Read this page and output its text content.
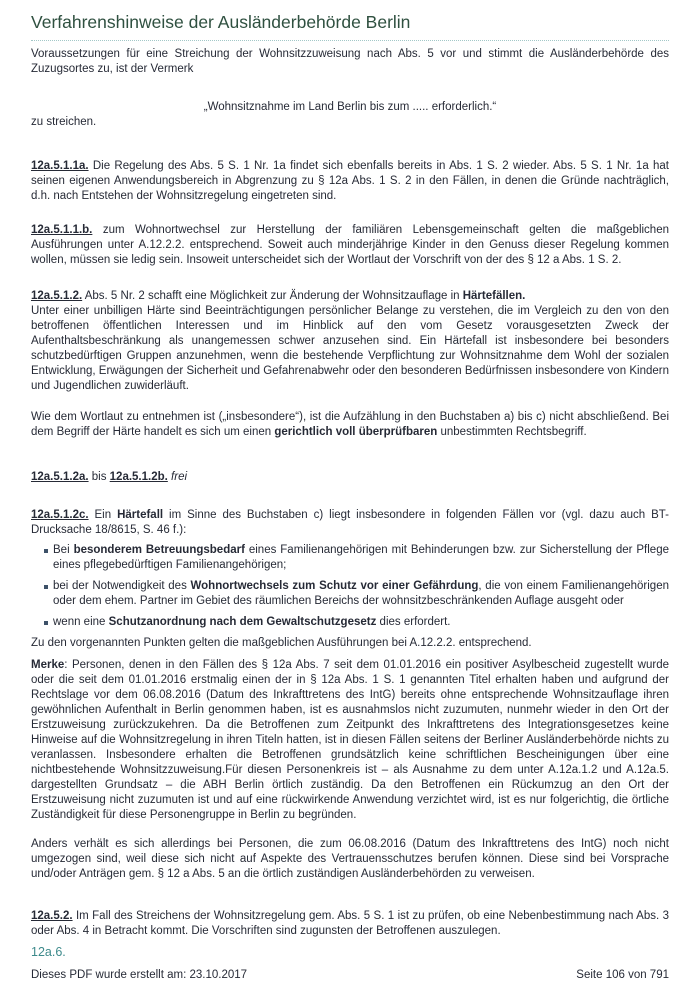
Verfahrenshinweise der Ausländerbehörde Berlin
Voraussetzungen für eine Streichung der Wohnsitzzuweisung nach Abs. 5 vor und stimmt die Ausländerbehörde des Zuzugsortes zu, ist der Vermerk
„Wohnsitznahme im Land Berlin bis zum ..... erforderlich.“
zu streichen.
12a.5.1.1a. Die Regelung des Abs. 5 S. 1 Nr. 1a findet sich ebenfalls bereits in Abs. 1 S. 2 wieder. Abs. 5 S. 1 Nr. 1a hat seinen eigenen Anwendungsbereich in Abgrenzung zu § 12a Abs. 1 S. 2 in den Fällen, in denen die Gründe nachträglich, d.h. nach Entstehen der Wohnsitzregelung eingetreten sind.
12a.5.1.1.b. zum Wohnortwechsel zur Herstellung der familiären Lebensgemeinschaft gelten die maßgeblichen Ausführungen unter A.12.2.2. entsprechend. Soweit auch minderjährige Kinder in den Genuss dieser Regelung kommen wollen, müssen sie ledig sein. Insoweit unterscheidet sich der Wortlaut der Vorschrift von der des § 12 a Abs. 1 S. 2.
12a.5.1.2. Abs. 5 Nr. 2 schafft eine Möglichkeit zur Änderung der Wohnsitzauflage in Härtefällen.
Unter einer unbilligen Härte sind Beeinträchtigungen persönlicher Belange zu verstehen, die im Vergleich zu den von den betroffenen öffentlichen Interessen und im Hinblick auf den vom Gesetz vorausgesetzten Zweck der Aufenthaltsbeschränkung als unangemessen schwer anzusehen sind. Ein Härtefall ist insbesondere bei besonders schutzbedürftigen Gruppen anzunehmen, wenn die bestehende Verpflichtung zur Wohnsitznahme dem Wohl der sozialen Entwicklung, Erwägungen der Sicherheit und Gefahrenabwehr oder den besonderen Bedürfnissen insbesondere von Kindern und Jugendlichen zuwiderläuft.
Wie dem Wortlaut zu entnehmen ist („insbesondere“), ist die Aufzählung in den Buchstaben a) bis c) nicht abschließend. Bei dem Begriff der Härte handelt es sich um einen gerichtlich voll überprüfbaren unbestimmten Rechtsbegriff.
12a.5.1.2a. bis 12a.5.1.2b. frei
12a.5.1.2c. Ein Härtefall im Sinne des Buchstaben c) liegt insbesondere in folgenden Fällen vor (vgl. dazu auch BT-Drucksache 18/8615, S. 46 f.):
Bei besonderem Betreuungsbedarf eines Familienangehörigen mit Behinderungen bzw. zur Sicherstellung der Pflege eines pflegebedürftigen Familienangehörigen;
bei der Notwendigkeit des Wohnortwechsels zum Schutz vor einer Gefährdung, die von einem Familienangehörigen oder dem ehem. Partner im Gebiet des räumlichen Bereichs der wohnsitzbeschränkenden Auflage ausgeht oder
wenn eine Schutzanordnung nach dem Gewaltschutzgesetz dies erfordert.
Zu den vorgenannten Punkten gelten die maßgeblichen Ausführungen bei A.12.2.2. entsprechend.
Merke: Personen, denen in den Fällen des § 12a Abs. 7 seit dem 01.01.2016 ein positiver Asylbescheid zugestellt wurde oder die seit dem 01.01.2016 erstmalig einen der in § 12a Abs. 1 S. 1 genannten Titel erhalten haben und aufgrund der Rechtslage vor dem 06.08.2016 (Datum des Inkrafttretens des IntG) bereits ohne entsprechende Wohnsitzauflage ihren gewöhnlichen Aufenthalt in Berlin genommen haben, ist es ausnahmslos nicht zuzumuten, nunmehr wieder in den Ort der Erstzuweisung zurückzukehren. Da die Betroffenen zum Zeitpunkt des Inkrafttretens des Integrationsgesetzes keine Hinweise auf die Wohnsitzregelung in ihren Titeln hatten, ist in diesen Fällen seitens der Berliner Ausländerbehörde nichts zu veranlassen. Insbesondere erhalten die Betroffenen grundsätzlich keine schriftlichen Bescheinigungen über eine nichtbestehende Wohnsitzzuweisung.Für diesen Personenkreis ist – als Ausnahme zu dem unter A.12a.1.2 und A.12a.5. dargestellten Grundsatz – die ABH Berlin örtlich zuständig. Da den Betroffenen ein Rückumzug an den Ort der Erstzuweisung nicht zuzumuten ist und auf eine rückwirkende Anwendung verzichtet wird, ist es nur folgerichtig, die örtliche Zuständigkeit für diese Personengruppe in Berlin zu begründen.
Anders verhält es sich allerdings bei Personen, die zum 06.08.2016 (Datum des Inkrafttretens des IntG) noch nicht umgezogen sind, weil diese sich nicht auf Aspekte des Vertrauensschutzes berufen können. Diese sind bei Vorsprache und/oder Anträgen gem. § 12 a Abs. 5 an die örtlich zuständigen Ausländerbehörden zu verweisen.
12a.5.2. Im Fall des Streichens der Wohnsitzregelung gem. Abs. 5 S. 1 ist zu prüfen, ob eine Nebenbestimmung nach Abs. 3 oder Abs. 4 in Betracht kommt. Die Vorschriften sind zugunsten der Betroffenen auszulegen.
12a.6.
Dieses PDF wurde erstellt am: 23.10.2017	Seite 106 von 791
